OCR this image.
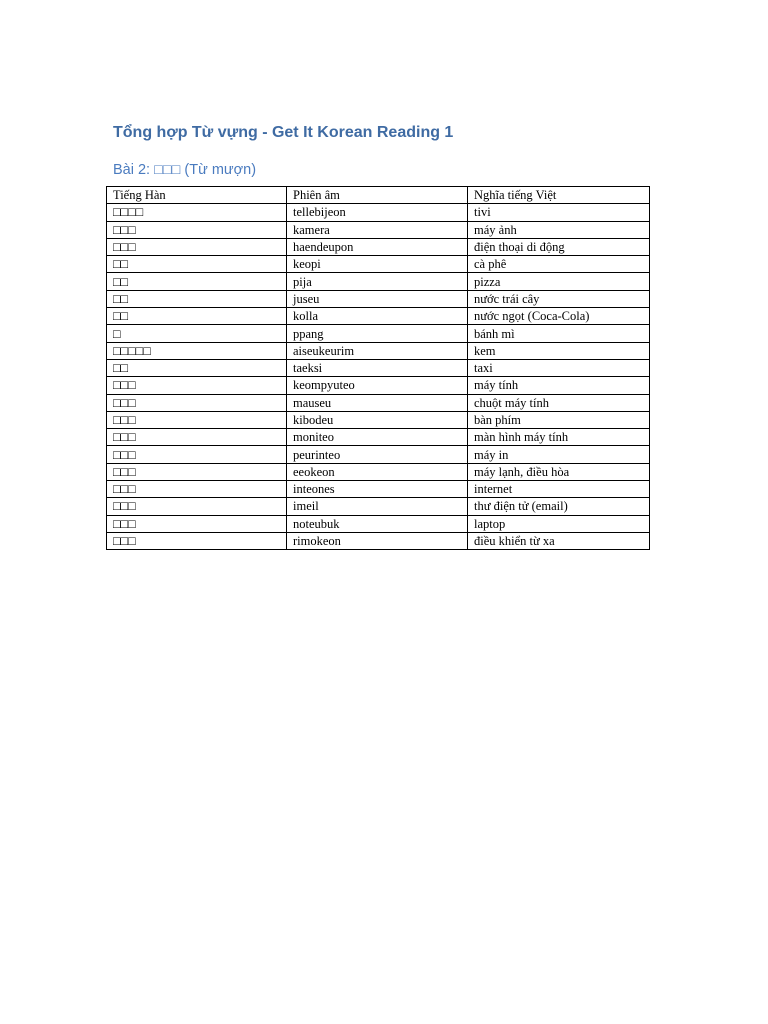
Tổng hợp Từ vựng - Get It Korean Reading 1
Bài 2: □□□ (Từ mượn)
Tiếng Hàn	Phiên âm	Nghĩa tiếng Việt
□□□□	tellebijeon	tivi
□□□	kamera	máy ảnh
□□□	haendeupon	điện thoại di động
□□	keopi	cà phê
□□	pija	pizza
□□	juseu	nước trái cây
□□	kolla	nước ngọt (Coca-Cola)
□	ppang	bánh mì
□□□□□	aiseukeurim	kem
□□	taeksi	taxi
□□□	keompyuteo	máy tính
□□□	mauseu	chuột máy tính
□□□	kibodeu	bàn phím
□□□	moniteo	màn hình máy tính
□□□	peurinteo	máy in
□□□	eeokeon	máy lạnh, điều hòa
□□□	inteones	internet
□□□	imeil	thư điện tử (email)
□□□	noteubuk	laptop
□□□	rimokeon	điều khiển từ xa
